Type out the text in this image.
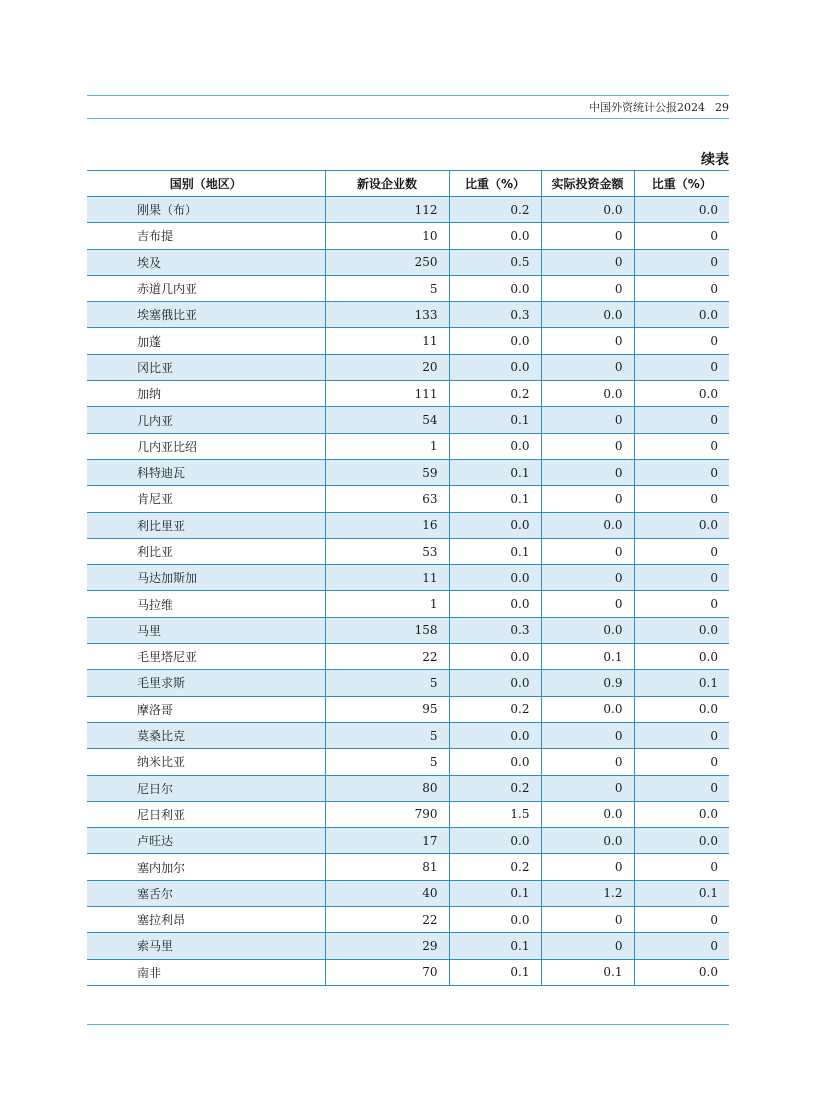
中国外资统计公报2024 29
续表
国别（地区）	新设企业数	比重（%）	实际投资金额	比重（%）
刚果（布）	112	0.2	0.0	0.0
吉布提	10	0.0	0	0
埃及	250	0.5	0	0
赤道几内亚	5	0.0	0	0
埃塞俄比亚	133	0.3	0.0	0.0
加蓬	11	0.0	0	0
冈比亚	20	0.0	0	0
加纳	111	0.2	0.0	0.0
几内亚	54	0.1	0	0
几内亚比绍	1	0.0	0	0
科特迪瓦	59	0.1	0	0
肯尼亚	63	0.1	0	0
利比里亚	16	0.0	0.0	0.0
利比亚	53	0.1	0	0
马达加斯加	11	0.0	0	0
马拉维	1	0.0	0	0
马里	158	0.3	0.0	0.0
毛里塔尼亚	22	0.0	0.1	0.0
毛里求斯	5	0.0	0.9	0.1
摩洛哥	95	0.2	0.0	0.0
莫桑比克	5	0.0	0	0
纳米比亚	5	0.0	0	0
尼日尔	80	0.2	0	0
尼日利亚	790	1.5	0.0	0.0
卢旺达	17	0.0	0.0	0.0
塞内加尔	81	0.2	0	0
塞舌尔	40	0.1	1.2	0.1
塞拉利昂	22	0.0	0	0
索马里	29	0.1	0	0
南非	70	0.1	0.1	0.0
